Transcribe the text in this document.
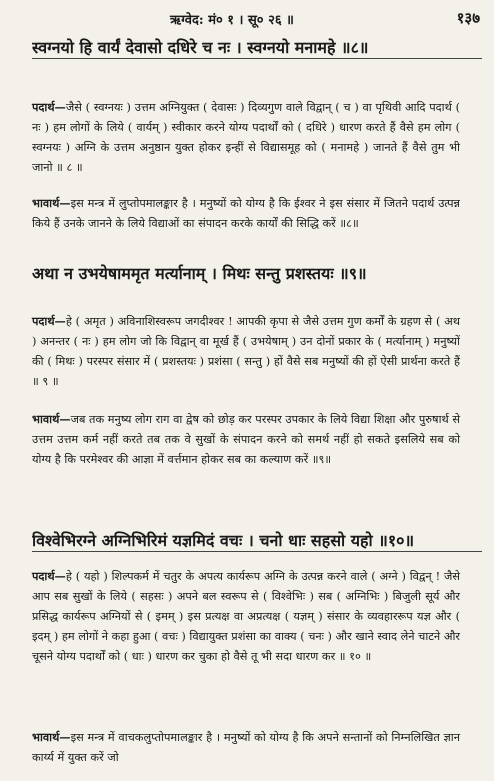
ऋग्वेद: मं० १ । सू० २६ ॥	१३७
स्वग्नयो हि वार्यं देवासो दधिरे च नः । स्वग्नयो मनामहे ॥८॥
पदार्थ—जैसे ( स्वग्नयः ) उत्तम अग्नियुक्त ( देवासः ) दिव्यगुण वाले विद्वान् ( च ) वा पृथिवी आदि पदार्थ ( नः ) हम लोगों के लिये ( वार्यम् ) स्वीकार करने योग्य पदार्थों को ( दधिरे ) धारण करते हैं वैसे हम लोग ( स्वग्नयः ) अग्नि के उत्तम अनुष्ठान युक्त होकर इन्हीं से विद्यासमूह को ( मनामहे ) जानते हैं वैसे तुम भी जानो ॥ ८ ॥
भावार्थ—इस मन्त्र में लुप्तोपमालङ्कार है । मनुष्यों को योग्य है कि ईश्वर ने इस संसार में जितने पदार्थ उत्पन्न किये हैं उनके जानने के लिये विद्याओं का संपादन करके कार्यों की सिद्धि करें ॥८॥
अथा न उभयेषाममृत मर्त्यानाम् । मिथः सन्तु प्रशस्तयः ॥९॥
पदार्थ—हे ( अमृत ) अविनाशिस्वरूप जगदीश्वर ! आपकी कृपा से जैसे उत्तम गुण कर्मों के ग्रहण से ( अथ ) अनन्तर ( नः ) हम लोग जो कि विद्वान् वा मूर्ख हैं ( उभयेषाम् ) उन दोनों प्रकार के ( मर्त्यानाम् ) मनुष्यों की ( मिथः ) परस्पर संसार में ( प्रशस्तयः ) प्रशंसा ( सन्तु ) हों वैसे सब मनुष्यों की हों ऐसी प्रार्थना करते हैं ॥ ९ ॥
भावार्थ—जब तक मनुष्य लोग राग वा द्वेष को छोड़ कर परस्पर उपकार के लिये विद्या शिक्षा और पुरुषार्थ से उत्तम उत्तम कर्म नहीं करते तब तक वे सुखों के संपादन करने को समर्थ नहीं हो सकते इसलिये सब को योग्य है कि परमेश्वर की आज्ञा में वर्त्तमान होकर सब का कल्याण करें ॥९॥
विश्वेभिरग्ने अग्निभिरिमं यज्ञमिदं वचः । चनो धाः सहसो यहो ॥१०॥
पदार्थ—हे ( यहो ) शिल्पकर्म में चतुर के अपत्य कार्यरूप अग्नि के उत्पन्न करने वाले ( अग्ने ) विद्वन् ! जैसे आप सब सुखों के लिये ( सहसः ) अपने बल स्वरूप से ( विश्वेभिः ) सब ( अग्निभिः ) बिजुली सूर्य और प्रसिद्ध कार्यरूप अग्नियों से ( इमम् ) इस प्रत्यक्ष वा अप्रत्यक्ष ( यज्ञम् ) संसार के व्यवहाररूप यज्ञ और ( इदम् ) हम लोगों ने कहा हुआ ( वचः ) विद्यायुक्त प्रशंसा का वाक्य ( चनः ) और खाने स्वाद लेने चाटने और चूसने योग्य पदार्थों को ( धाः ) धारण कर चुका हो वैसे तू भी सदा धारण कर ॥ १० ॥
भावार्थ—इस मन्त्र में वाचकलुप्तोपमालङ्कार है । मनुष्यों को योग्य है कि अपने सन्तानों को निम्नलिखित ज्ञान कार्य्य में युक्त करें जो
